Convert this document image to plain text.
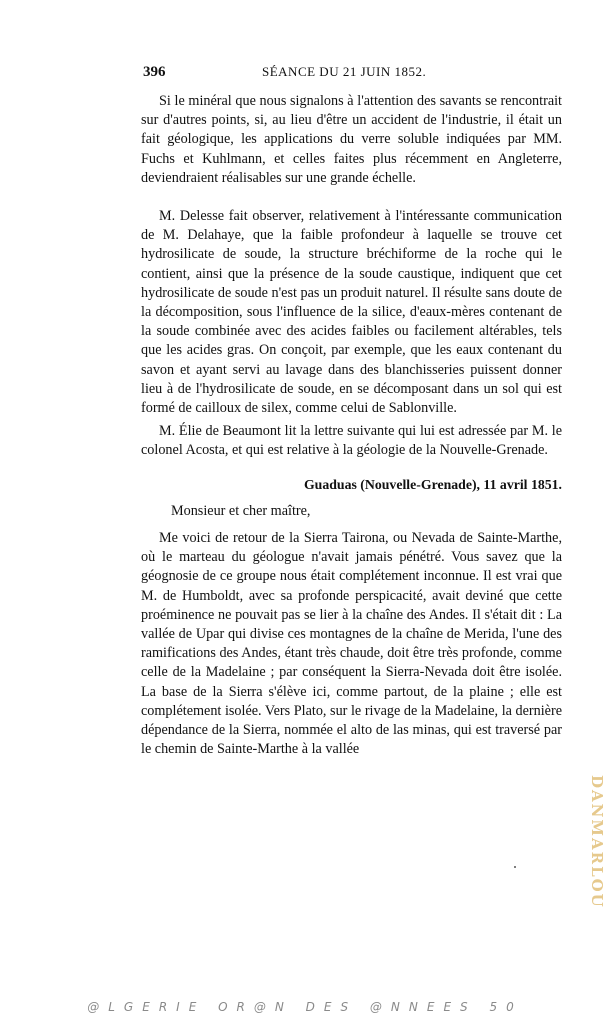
396	SÉANCE DU 21 JUIN 1852.

Si le minéral que nous signalons à l'attention des savants se rencontrait sur d'autres points, si, au lieu d'être un accident de l'industrie, il était un fait géologique, les applications du verre soluble indiquées par MM. Fuchs et Kuhlmann, et celles faites plus récemment en Angleterre, deviendraient réalisables sur une grande échelle.

M. Delesse fait observer, relativement à l'intéressante communication de M. Delahaye, que la faible profondeur à laquelle se trouve cet hydrosilicate de soude, la structure bréchiforme de la roche qui le contient, ainsi que la présence de la soude caustique, indiquent que cet hydrosilicate de soude n'est pas un produit naturel. Il résulte sans doute de la décomposition, sous l'influence de la silice, d'eaux-mères contenant de la soude combinée avec des acides faibles ou facilement altérables, tels que les acides gras. On conçoit, par exemple, que les eaux contenant du savon et ayant servi au lavage dans des blanchisseries puissent donner lieu à de l'hydrosilicate de soude, en se décomposant dans un sol qui est formé de cailloux de silex, comme celui de Sablonville.

M. Élie de Beaumont lit la lettre suivante qui lui est adressée par M. le colonel Acosta, et qui est relative à la géologie de la Nouvelle-Grenade.

Guaduas (Nouvelle-Grenade), 11 avril 1851.

Monsieur et cher maître,

Me voici de retour de la Sierra Tairona, ou Nevada de Sainte-Marthe, où le marteau du géologue n'avait jamais pénétré. Vous savez que la géognosie de ce groupe nous était complétement inconnue. Il est vrai que M. de Humboldt, avec sa profonde perspicacité, avait deviné que cette proéminence ne pouvait pas se lier à la chaîne des Andes. Il s'était dit : La vallée de Upar qui divise ces montagnes de la chaîne de Merida, l'une des ramifications des Andes, étant très chaude, doit être très profonde, comme celle de la Madelaine ; par conséquent la Sierra-Nevada doit être isolée. La base de la Sierra s'élève ici, comme partout, de la plaine ; elle est complétement isolée. Vers Plato, sur le rivage de la Madelaine, la dernière dépendance de la Sierra, nommée el alto de las minas, qui est traversé par le chemin de Sainte-Marthe à la vallée

DANMARLOU
@LGERIE OR@N DES @NNEES 50
